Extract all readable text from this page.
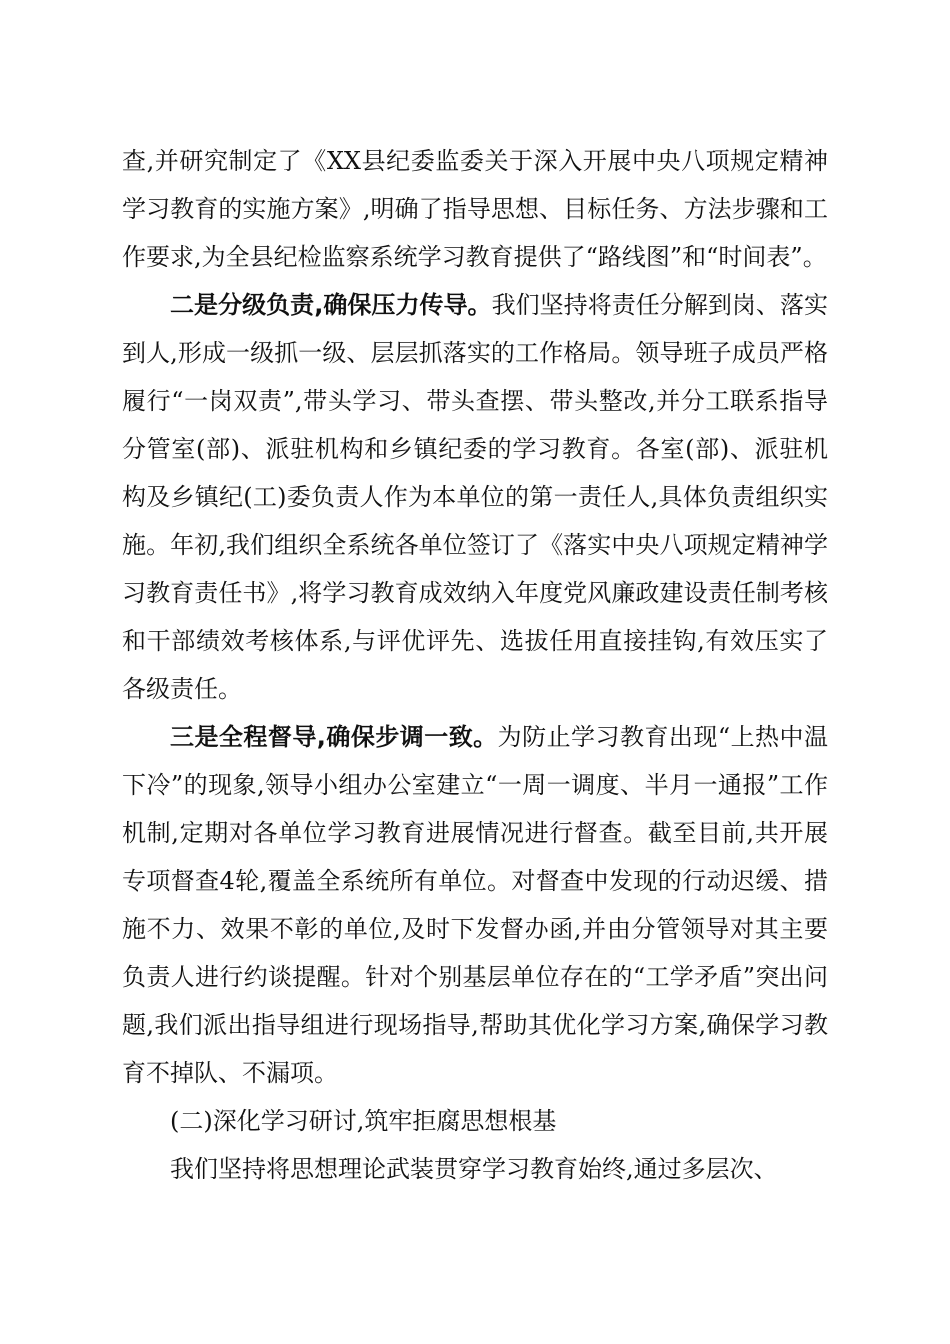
查,并研究制定了《XX县纪委监委关于深入开展中央八项规定精神学习教育的实施方案》,明确了指导思想、目标任务、方法步骤和工作要求,为全县纪检监察系统学习教育提供了“路线图”和“时间表”。

二是分级负责,确保压力传导。我们坚持将责任分解到岗、落实到人,形成一级抓一级、层层抓落实的工作格局。领导班子成员严格履行“一岗双责”,带头学习、带头查摆、带头整改,并分工联系指导分管室(部)、派驻机构和乡镇纪委的学习教育。各室(部)、派驻机构及乡镇纪(工)委负责人作为本单位的第一责任人,具体负责组织实施。年初,我们组织全系统各单位签订了《落实中央八项规定精神学习教育责任书》,将学习教育成效纳入年度党风廉政建设责任制考核和干部绩效考核体系,与评优评先、选拔任用直接挂钩,有效压实了各级责任。

三是全程督导,确保步调一致。为防止学习教育出现“上热中温下冷”的现象,领导小组办公室建立“一周一调度、半月一通报”工作机制,定期对各单位学习教育进展情况进行督查。截至目前,共开展专项督查4轮,覆盖全系统所有单位。对督查中发现的行动迟缓、措施不力、效果不彰的单位,及时下发督办函,并由分管领导对其主要负责人进行约谈提醒。针对个别基层单位存在的“工学矛盾”突出问题,我们派出指导组进行现场指导,帮助其优化学习方案,确保学习教育不掉队、不漏项。

(二)深化学习研讨,筑牢拒腐思想根基

我们坚持将思想理论武装贯穿学习教育始终,通过多层次、
